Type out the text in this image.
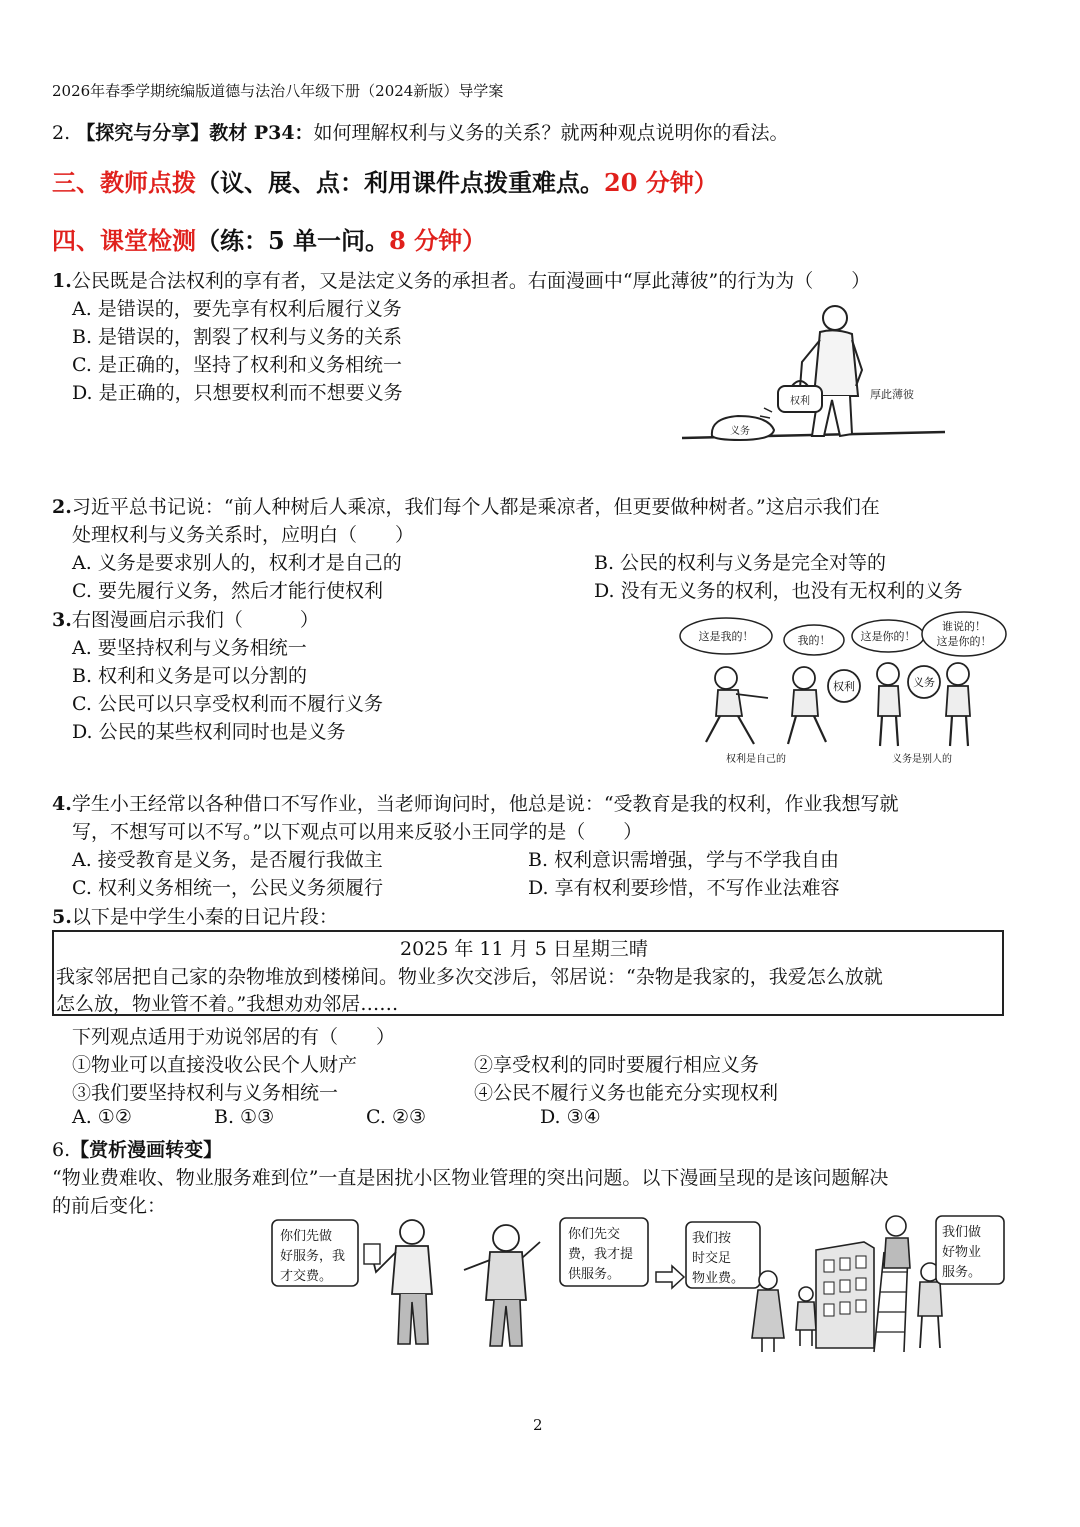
2026年春季学期统编版道德与法治八年级下册（2024新版）导学案
2. 【探究与分享】教材 P34：如何理解权利与义务的关系？就两种观点说明你的看法。
三、教师点拨（议、展、点：利用课件点拨重难点。20 分钟）
四、课堂检测（练：5 单一问。8 分钟）
1.公民既是合法权利的享有者，又是法定义务的承担者。右面漫画中“厚此薄彼”的行为为（　　）
A. 是错误的，要先享有权利后履行义务
B. 是错误的，割裂了权利与义务的关系
C. 是正确的，坚持了权利和义务相统一
D. 是正确的，只想要权利而不想要义务	权利
义务
厚此薄彼
2.习近平总书记说：“前人种树后人乘凉，我们每个人都是乘凉者，但更要做种树者。”这启示我们在
处理权利与义务关系时，应明白（　　）
A. 义务是要求别人的，权利才是自己的	B. 公民的权利与义务是完全对等的
C. 要先履行义务，然后才能行使权利	D. 没有无义务的权利，也没有无权利的义务
3.右图漫画启示我们（　　　）
A. 要坚持权利与义务相统一
B. 权利和义务是可以分割的
C. 公民可以只享受权利而不履行义务
D. 公民的某些权利同时也是义务
这是我的！	我的！	这是你的！
谁说的！
这是你的！
权利	义务
权利是自己的	义务是别人的
4.学生小王经常以各种借口不写作业，当老师询问时，他总是说：“受教育是我的权利，作业我想写就
写，不想写可以不写。”以下观点可以用来反驳小王同学的是（　　）
A. 接受教育是义务，是否履行我做主	B. 权利意识需增强，学与不学我自由
C. 权利义务相统一，公民义务须履行	D. 享有权利要珍惜，不写作业法难容
5.以下是中学生小秦的日记片段：
2025 年 11 月 5 日星期三晴
我家邻居把自己家的杂物堆放到楼梯间。物业多次交涉后，邻居说：“杂物是我家的，我爱怎么放就
怎么放，物业管不着。”我想劝劝邻居……
下列观点适用于劝说邻居的有（　　）
①物业可以直接没收公民个人财产	②享受权利的同时要履行相应义务
③我们要坚持权利与义务相统一	④公民不履行义务也能充分实现权利
A. ①②	B. ①③	C. ②③	D. ③④
6.【赏析漫画转变】
“物业费难收、物业服务难到位”一直是困扰小区物业管理的突出问题。以下漫画呈现的是该问题解决
的前后变化：
你们先做
好服务，我
才交费。
你们先交
费，我才提
供服务。
我们按
时交足
物业费。
我们做
好物业
服务。
2
